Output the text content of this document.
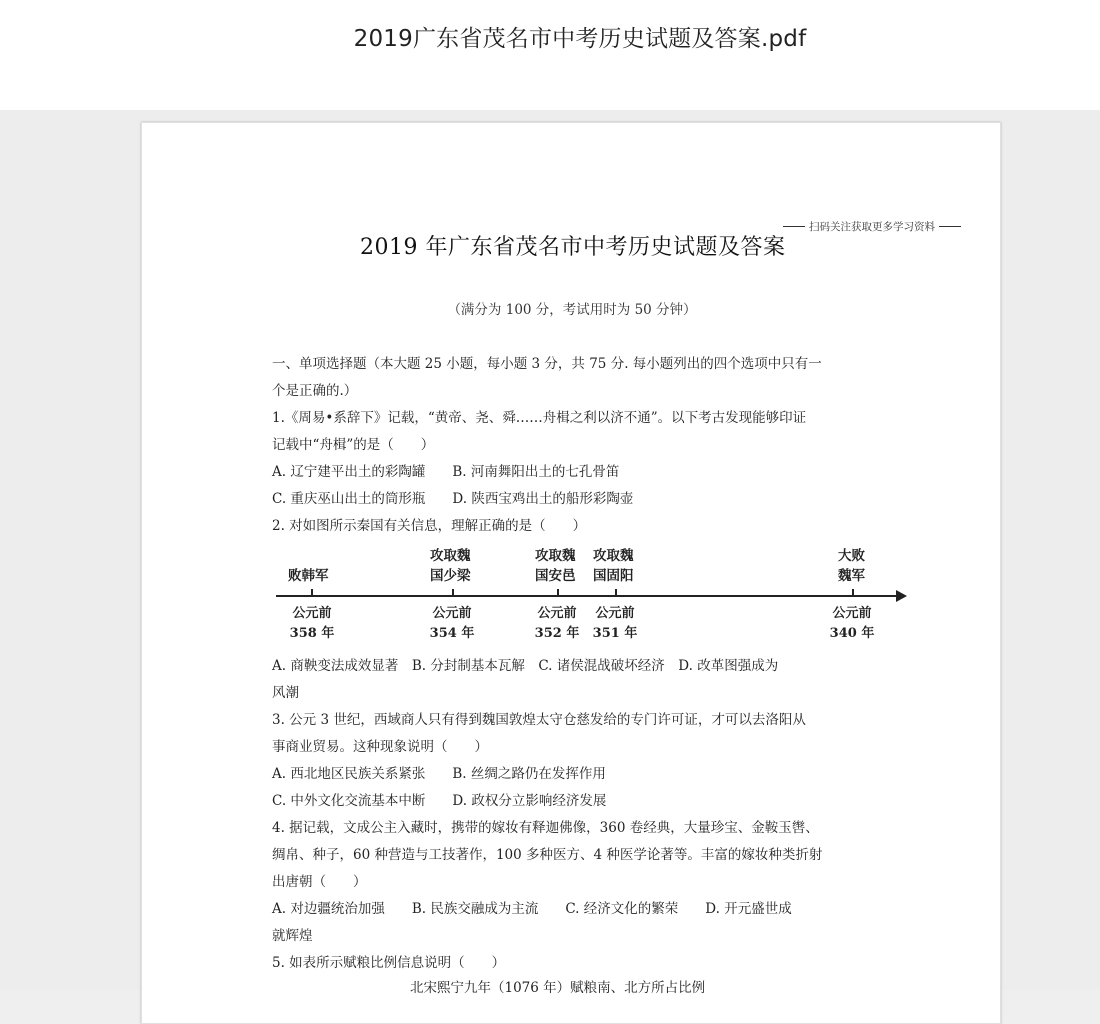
2019广东省茂名市中考历史试题及答案.pdf
扫码关注获取更多学习资料
2019 年广东省茂名市中考历史试题及答案
（满分为 100 分，考试用时为 50 分钟）
一、单项选择题（本大题 25 小题，每小题 3 分，共 75 分. 每小题列出的四个选项中只有一
个是正确的.）
1.《周易•系辞下》记载，“黄帝、尧、舜……舟楫之利以济不通”。以下考古发现能够印证
记载中“舟楫”的是（　　）
A. 辽宁建平出土的彩陶罐　　B. 河南舞阳出土的七孔骨笛
C. 重庆巫山出土的筒形瓶　　D. 陕西宝鸡出土的船形彩陶壶
2. 对如图所示秦国有关信息，理解正确的是（　　）
败韩军
攻取魏
国少梁
攻取魏
国安邑
攻取魏
国固阳
大败
魏军
公元前
358 年
公元前
354 年
公元前
352 年
公元前
351 年
公元前
340 年
A. 商鞅变法成效显著　B. 分封制基本瓦解　C. 诸侯混战破坏经济　D. 改革图强成为
风潮
3. 公元 3 世纪，西域商人只有得到魏国敦煌太守仓慈发给的专门许可证，才可以去洛阳从
事商业贸易。这种现象说明（　　）
A. 西北地区民族关系紧张　　B. 丝绸之路仍在发挥作用
C. 中外文化交流基本中断　　D. 政权分立影响经济发展
4. 据记载，文成公主入藏时，携带的嫁妆有释迦佛像，360 卷经典，大量珍宝、金鞍玉辔、
绸帛、种子，60 种营造与工技著作，100 多种医方、4 种医学论著等。丰富的嫁妆种类折射
出唐朝（　　）
A. 对边疆统治加强　　B. 民族交融成为主流　　C. 经济文化的繁荣　　D. 开元盛世成
就辉煌
5. 如表所示赋粮比例信息说明（　　）
北宋熙宁九年（1076 年）赋粮南、北方所占比例
